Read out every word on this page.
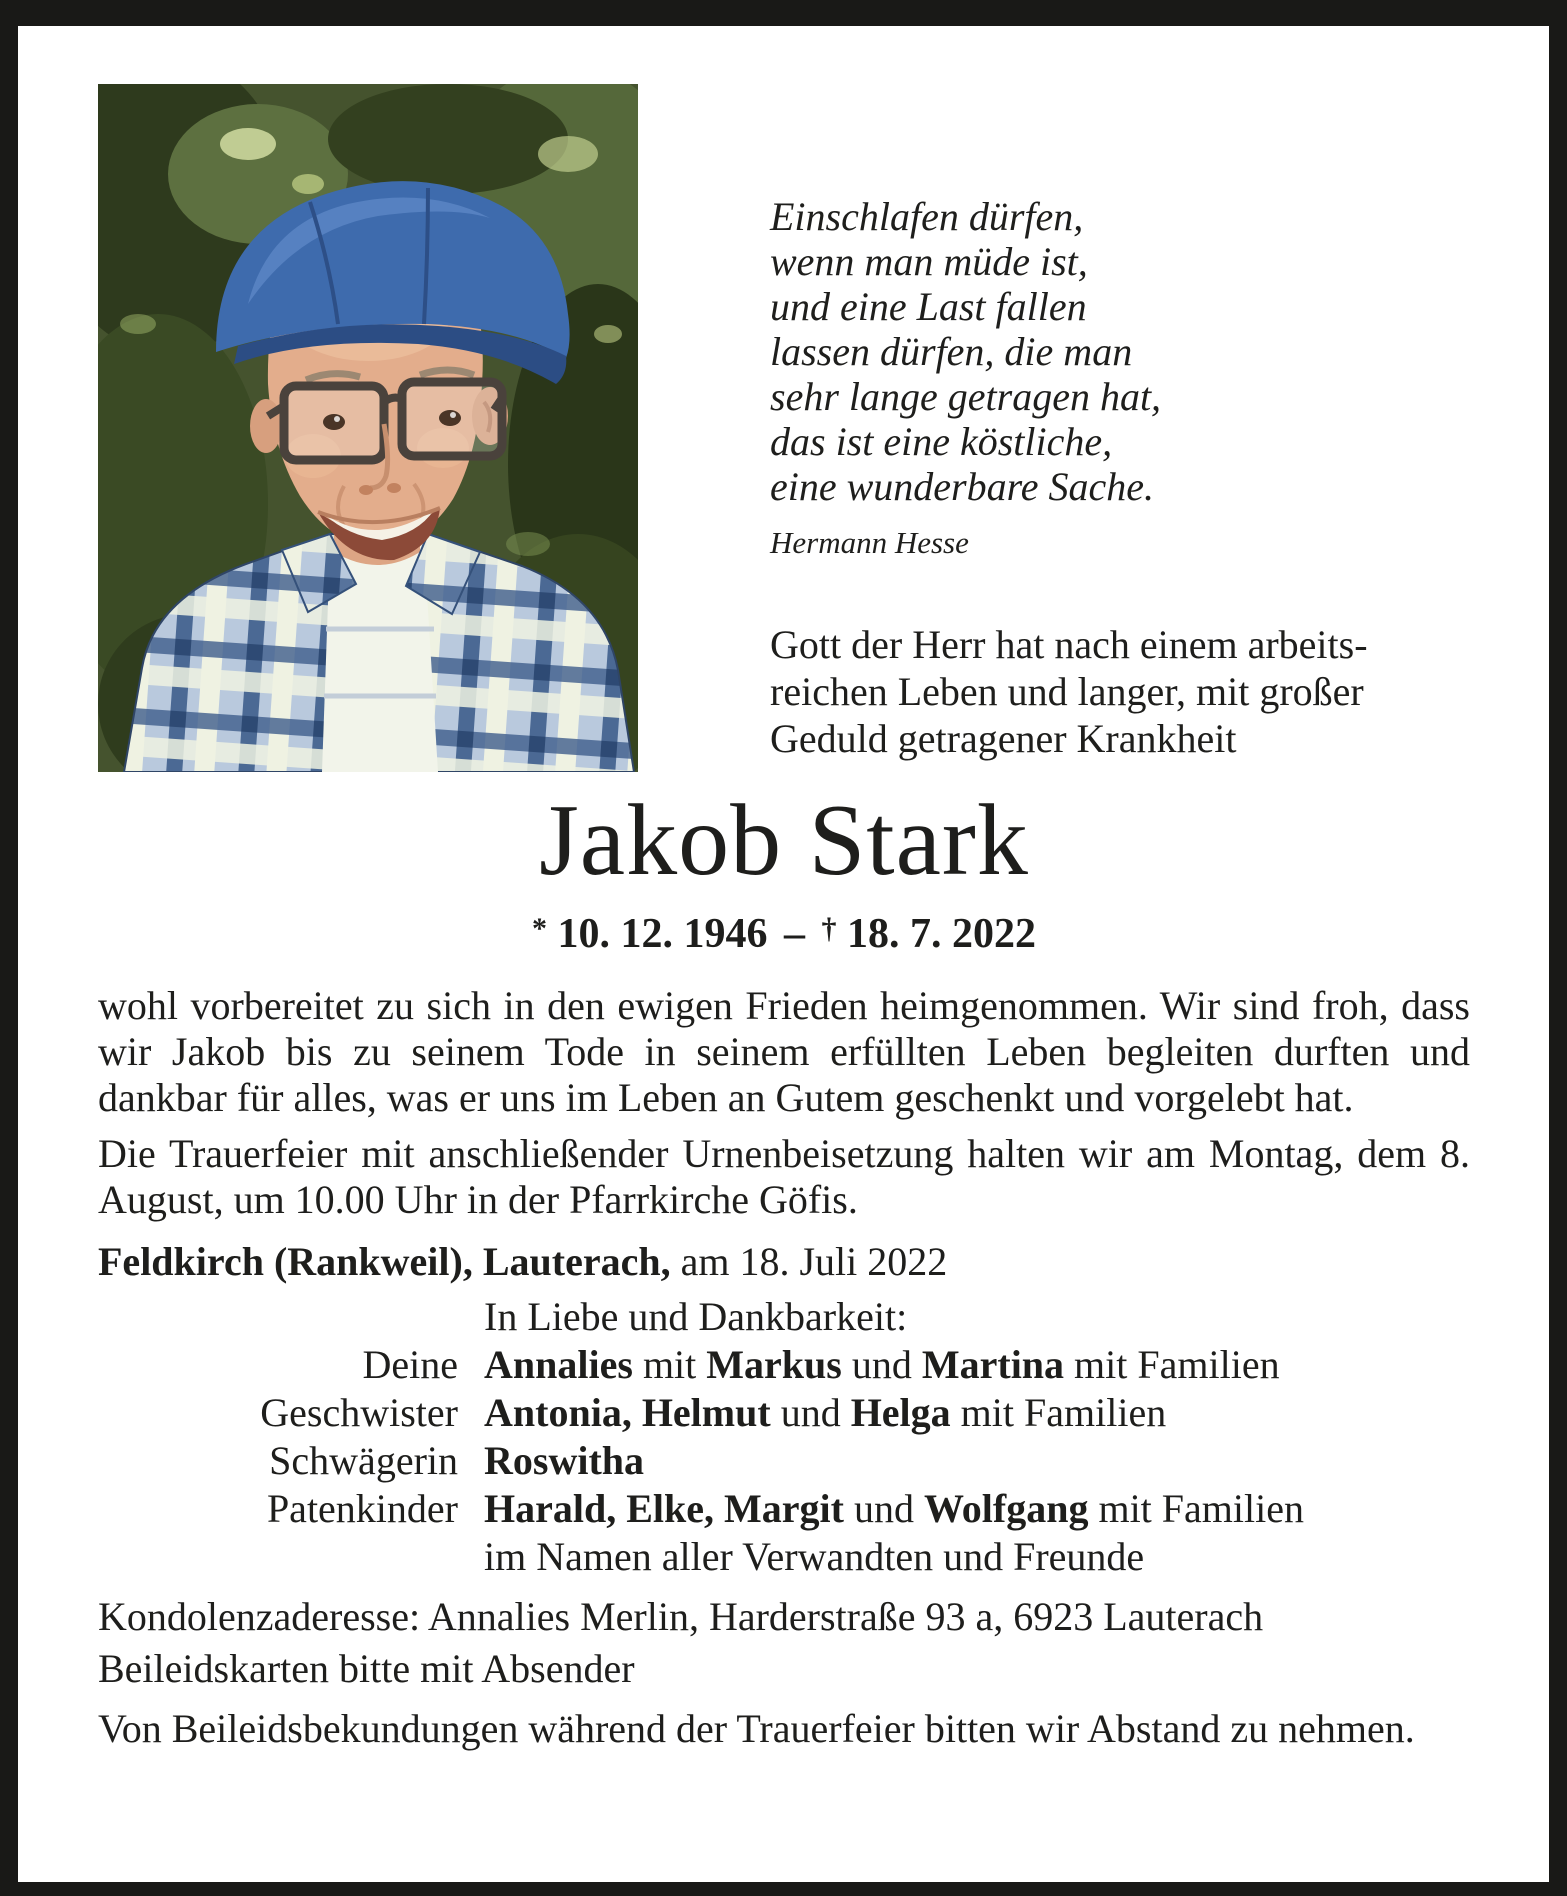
Einschlafen dürfen,
wenn man müde ist,
und eine Last fallen
lassen dürfen, die man
sehr lange getragen hat,
das ist eine köstliche,
eine wunderbare Sache.
Hermann Hesse
Gott der Herr hat nach einem arbeits-
reichen Leben und langer, mit großer
Geduld getragener Krankheit
Jakob Stark
* 10. 12. 1946 – † 18. 7. 2022
wohl vorbereitet zu sich in den ewigen Frieden heimgenommen. Wir sind froh, dass wir Jakob bis zu seinem Tode in seinem erfüllten Leben begleiten durften und dankbar für alles, was er uns im Leben an Gutem geschenkt und vorgelebt hat.
Die Trauerfeier mit anschließender Urnenbeisetzung halten wir am Montag, dem 8. August, um 10.00 Uhr in der Pfarrkirche Göfis.
Feldkirch (Rankweil), Lauterach, am 18. Juli 2022
In Liebe und Dankbarkeit:
Deine Annalies mit Markus und Martina mit Familien
Geschwister Antonia, Helmut und Helga mit Familien
Schwägerin Roswitha
Patenkinder Harald, Elke, Margit und Wolfgang mit Familien
im Namen aller Verwandten und Freunde
Kondolenzaderesse: Annalies Merlin, Harderstraße 93 a, 6923 Lauterach
Beileidskarten bitte mit Absender
Von Beileidsbekundungen während der Trauerfeier bitten wir Abstand zu nehmen.
